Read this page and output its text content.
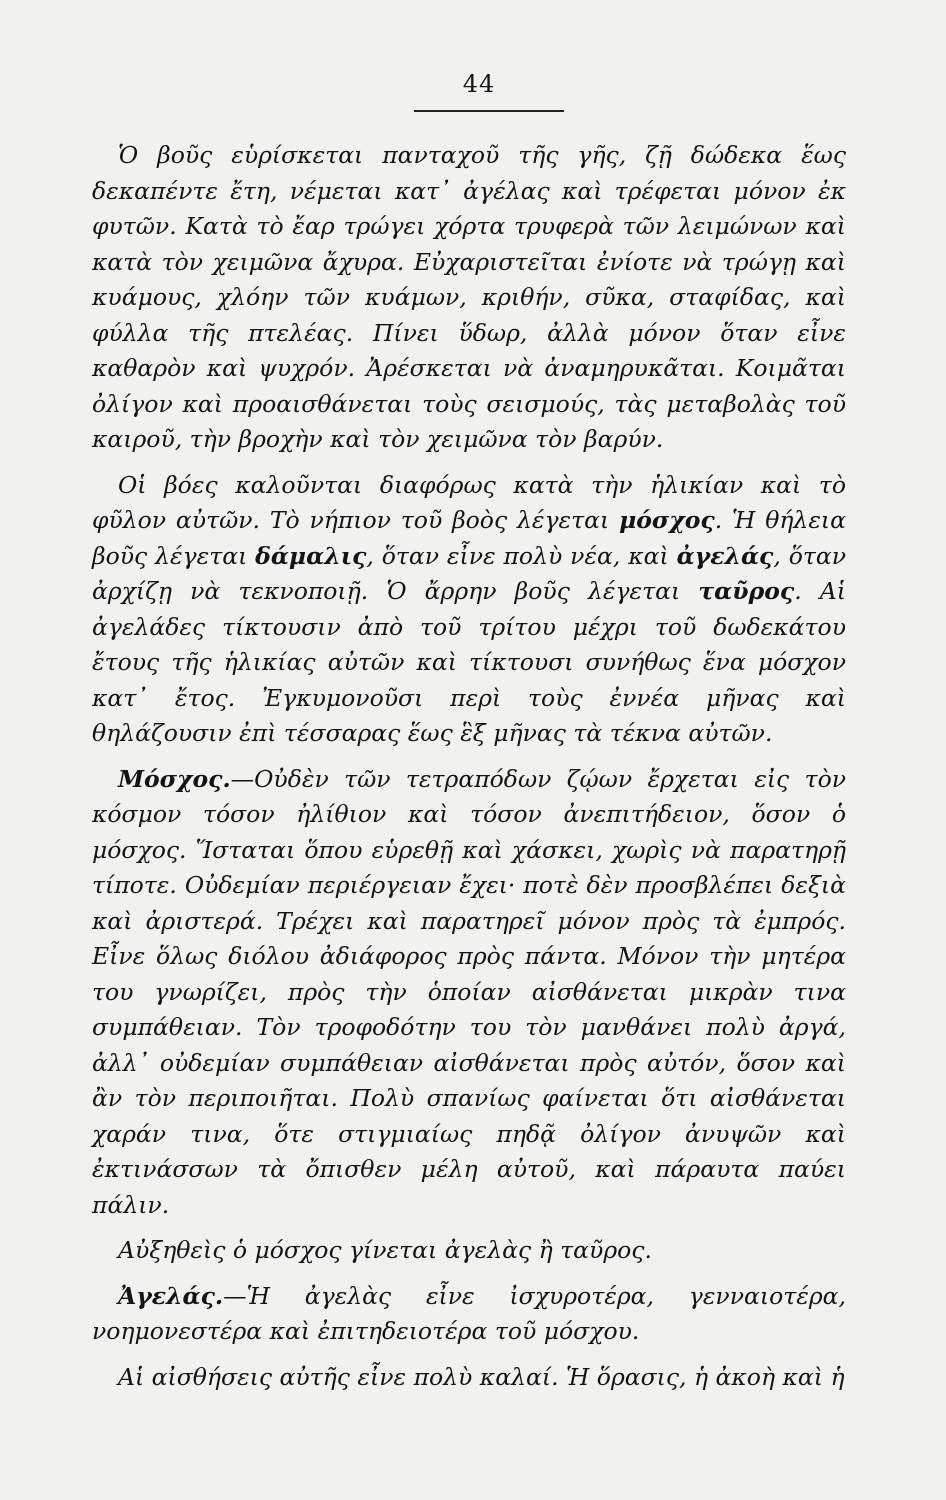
44

Ὁ βοῦς εὑρίσκεται πανταχοῦ τῆς γῆς, ζῇ δώδεκα ἕως δεκαπέντε ἔτη, νέμεται κατ᾽ ἀγέλας καὶ τρέφεται μόνον ἐκ φυτῶν. Κατὰ τὸ ἔαρ τρώγει χόρτα τρυφερὰ τῶν λειμώνων καὶ κατὰ τὸν χειμῶνα ἄχυρα. Εὐχαριστεῖται ἐνίοτε νὰ τρώγῃ καὶ κυάμους, χλόην τῶν κυάμων, κριθήν, σῦκα, σταφίδας, καὶ φύλλα τῆς πτελέας. Πίνει ὕδωρ, ἀλλὰ μόνον ὅταν εἶνε καθαρὸν καὶ ψυχρόν. Ἀρέσκεται νὰ ἀναμηρυκᾶται. Κοιμᾶται ὀλίγον καὶ προαισθάνεται τοὺς σεισμούς, τὰς μεταβολὰς τοῦ καιροῦ, τὴν βροχὴν καὶ τὸν χειμῶνα τὸν βαρύν.

Οἱ βόες καλοῦνται διαφόρως κατὰ τὴν ἡλικίαν καὶ τὸ φῦλον αὐτῶν. Τὸ νήπιον τοῦ βοὸς λέγεται μόσχος. Ἡ θήλεια βοῦς λέγεται δάμαλις, ὅταν εἶνε πολὺ νέα, καὶ ἀγελάς, ὅταν ἀρχίζῃ νὰ τεκνοποιῇ. Ὁ ἄρρην βοῦς λέγεται ταῦρος. Αἱ ἀγελάδες τίκτουσιν ἀπὸ τοῦ τρίτου μέχρι τοῦ δωδεκάτου ἔτους τῆς ἡλικίας αὐτῶν καὶ τίκτουσι συνήθως ἕνα μόσχον κατ᾽ ἔτος. Ἐγκυμονοῦσι περὶ τοὺς ἐννέα μῆνας καὶ θηλάζουσιν ἐπὶ τέσσαρας ἕως ἓξ μῆνας τὰ τέκνα αὐτῶν.

Μόσχος.—Οὐδὲν τῶν τετραπόδων ζῴων ἔρχεται εἰς τὸν κόσμον τόσον ἠλίθιον καὶ τόσον ἀνεπιτήδειον, ὅσον ὁ μόσχος. Ἵσταται ὅπου εὑρεθῇ καὶ χάσκει, χωρὶς νὰ παρατηρῇ τίποτε. Οὐδεμίαν περιέργειαν ἔχει· ποτὲ δὲν προσβλέπει δεξιὰ καὶ ἀριστερά. Τρέχει καὶ παρατηρεῖ μόνον πρὸς τὰ ἐμπρός. Εἶνε ὅλως διόλου ἀδιάφορος πρὸς πάντα. Μόνον τὴν μητέρα του γνωρίζει, πρὸς τὴν ὁποίαν αἰσθάνεται μικρὰν τινα συμπάθειαν. Τὸν τροφοδότην του τὸν μανθάνει πολὺ ἀργά, ἀλλ᾽ οὐδεμίαν συμπάθειαν αἰσθάνεται πρὸς αὐτόν, ὅσον καὶ ἂν τὸν περιποιῆται. Πολὺ σπανίως φαίνεται ὅτι αἰσθάνεται χαράν τινα, ὅτε στιγμιαίως πηδᾷ ὀλίγον ἀνυψῶν καὶ ἐκτινάσσων τὰ ὄπισθεν μέλη αὐτοῦ, καὶ πάραυτα παύει πάλιν.

Αὐξηθεὶς ὁ μόσχος γίνεται ἀγελὰς ἢ ταῦρος.

Ἀγελάς.—Ἡ ἀγελὰς εἶνε ἰσχυροτέρα, γενναιοτέρα, νοημονεστέρα καὶ ἐπιτηδειοτέρα τοῦ μόσχου.

Αἱ αἰσθήσεις αὐτῆς εἶνε πολὺ καλαί. Ἡ ὅρασις, ἡ ἀκοὴ καὶ ἡ
